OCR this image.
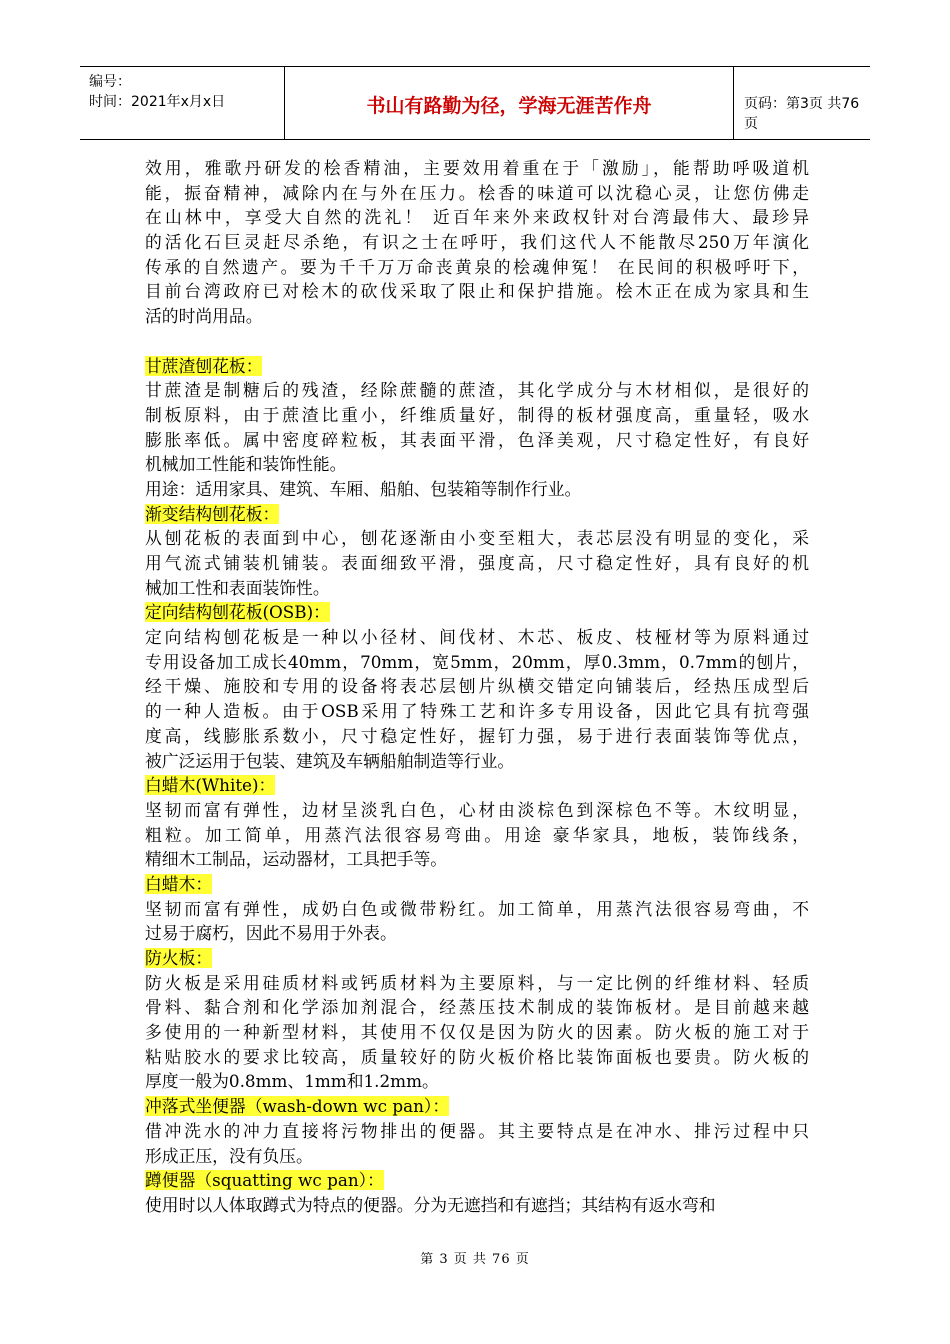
编号：
时间：2021年x月x日	书山有路勤为径，学海无涯苦作舟	页码：第3页 共76页
效用，雅歌丹研发的桧香精油，主要效用着重在于「激励」，能帮助呼吸道机
能，振奋精神，减除内在与外在压力。桧香的味道可以沈稳心灵，让您仿佛走
在山林中，享受大自然的洗礼！ 近百年来外来政权针对台湾最伟大、最珍异
的活化石巨灵赶尽杀绝，有识之士在呼吁，我们这代人不能散尽250万年演化
传承的自然遗产。要为千千万万命丧黄泉的桧魂伸冤！ 在民间的积极呼吁下，
目前台湾政府已对桧木的砍伐采取了限止和保护措施。桧木正在成为家具和生
活的时尚用品。
甘蔗渣刨花板：
甘蔗渣是制糖后的残渣，经除蔗髓的蔗渣，其化学成分与木材相似，是很好的
制板原料，由于蔗渣比重小，纤维质量好，制得的板材强度高，重量轻，吸水
膨胀率低。属中密度碎粒板，其表面平滑，色泽美观，尺寸稳定性好，有良好
机械加工性能和装饰性能。
用途：适用家具、建筑、车厢、船舶、包装箱等制作行业。
渐变结构刨花板：
从刨花板的表面到中心，刨花逐渐由小变至粗大，表芯层没有明显的变化，采
用气流式铺装机铺装。表面细致平滑，强度高，尺寸稳定性好，具有良好的机
械加工性和表面装饰性。
定向结构刨花板(OSB)：
定向结构刨花板是一种以小径材、间伐材、木芯、板皮、枝桠材等为原料通过
专用设备加工成长40mm，70mm，宽5mm，20mm，厚0.3mm，0.7mm的刨片，
经干燥、施胶和专用的设备将表芯层刨片纵横交错定向铺装后，经热压成型后
的一种人造板。由于OSB采用了特殊工艺和许多专用设备，因此它具有抗弯强
度高，线膨胀系数小，尺寸稳定性好，握钉力强，易于进行表面装饰等优点，
被广泛运用于包装、建筑及车辆船舶制造等行业。
白蜡木(White)：
坚韧而富有弹性，边材呈淡乳白色，心材由淡棕色到深棕色不等。木纹明显，
粗粒。加工简单，用蒸汽法很容易弯曲。用途 豪华家具，地板，装饰线条，
精细木工制品，运动器材，工具把手等。
白蜡木：
坚韧而富有弹性，成奶白色或微带粉红。加工简单，用蒸汽法很容易弯曲，不
过易于腐朽，因此不易用于外表。
防火板：
防火板是采用硅质材料或钙质材料为主要原料，与一定比例的纤维材料、轻质
骨料、黏合剂和化学添加剂混合，经蒸压技术制成的装饰板材。是目前越来越
多使用的一种新型材料，其使用不仅仅是因为防火的因素。防火板的施工对于
粘贴胶水的要求比较高，质量较好的防火板价格比装饰面板也要贵。防火板的
厚度一般为0.8mm、1mm和1.2mm。
冲落式坐便器（wash-down wc pan）：
借冲洗水的冲力直接将污物排出的便器。其主要特点是在冲水、排污过程中只
形成正压，没有负压。
蹲便器（squatting wc pan）：
使用时以人体取蹲式为特点的便器。分为无遮挡和有遮挡；其结构有返水弯和
第 3 页 共 76 页
